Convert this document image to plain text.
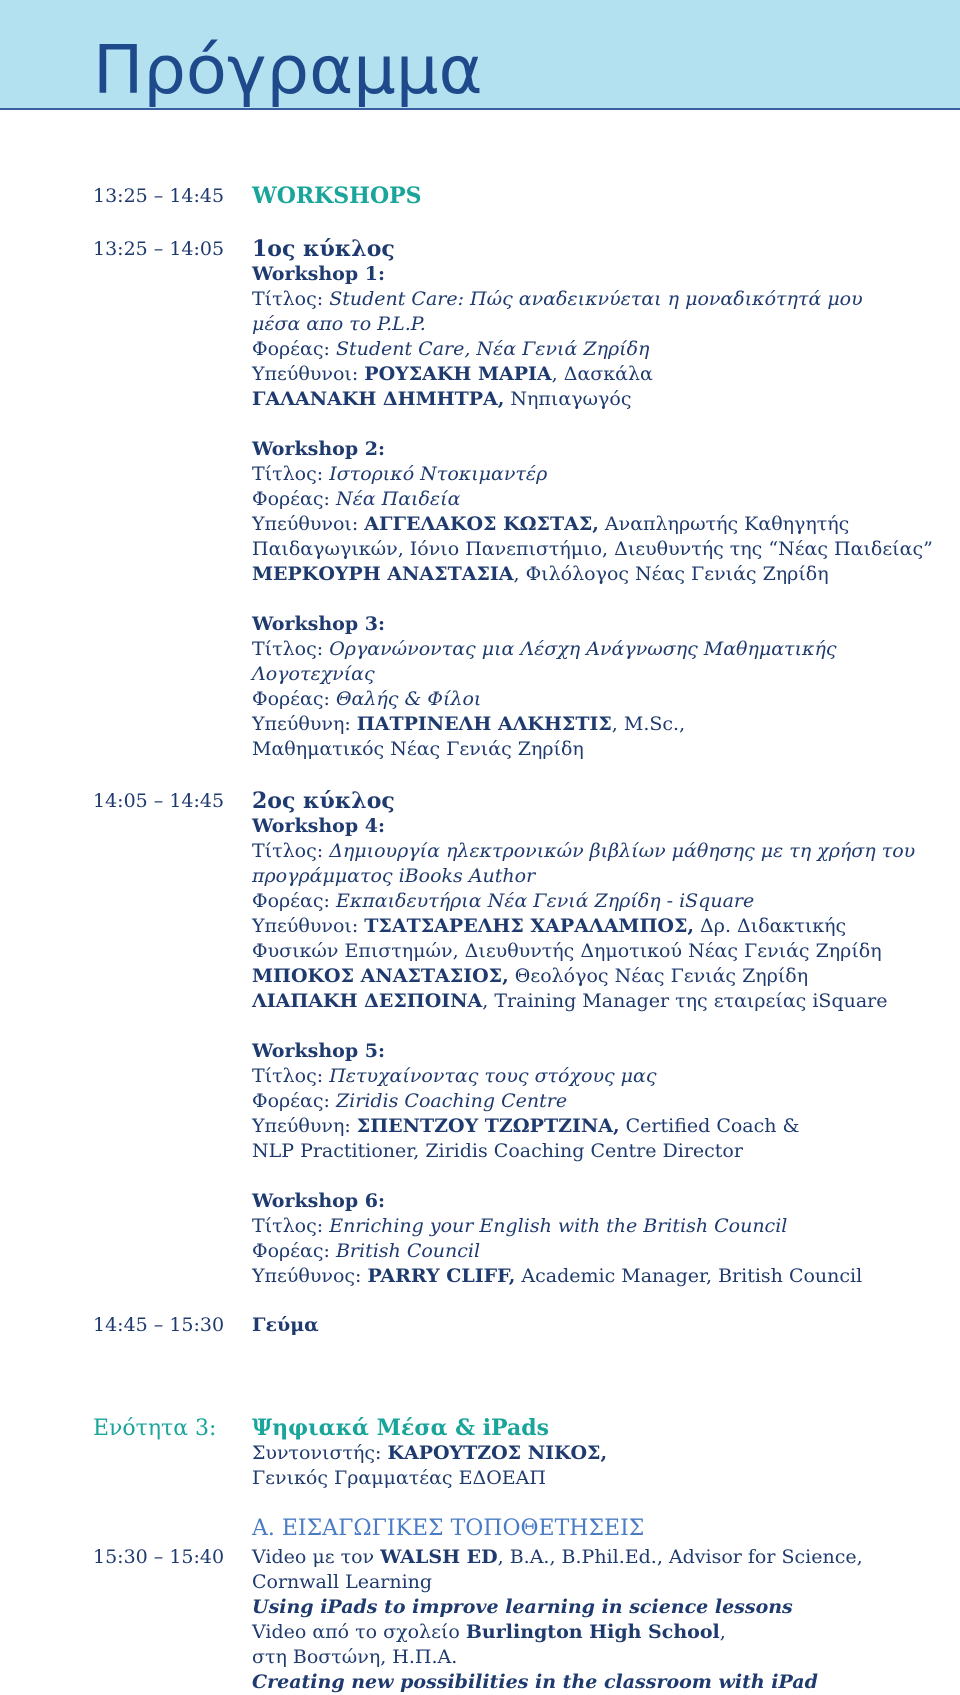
Πρόγραμμα
13:25 – 14:45 WORKSHOPS
13:25 – 14:05 1ος κύκλος
Workshop 1:
Τίτλος: Student Care: Πώς αναδεικνύεται η μοναδικότητά μου
μέσα απο το P.L.P.
Φορέας: Student Care, Νέα Γενιά Ζηρίδη
Υπεύθυνοι: ΡΟΥΣΑΚΗ ΜΑΡΙΑ, Δασκάλα
ΓΑΛΑΝΑΚΗ ΔΗΜΗΤΡΑ, Νηπιαγωγός
Workshop 2:
Τίτλος: Ιστορικό Ντοκιμαντέρ
Φορέας: Νέα Παιδεία
Υπεύθυνοι: ΑΓΓΕΛΑΚΟΣ ΚΩΣΤΑΣ, Αναπληρωτής Καθηγητής
Παιδαγωγικών, Ιόνιο Πανεπιστήμιο, Διευθυντής της “Νέας Παιδείας”
ΜΕΡΚΟΥΡΗ ΑΝΑΣΤΑΣΙΑ, Φιλόλογος Νέας Γενιάς Ζηρίδη
Workshop 3:
Τίτλος: Οργανώνοντας μια Λέσχη Ανάγνωσης Μαθηματικής
Λογοτεχνίας
Φορέας: Θαλής & Φίλοι
Υπεύθυνη: ΠΑΤΡΙΝΕΛΗ ΑΛΚΗΣΤΙΣ, M.Sc.,
Μαθηματικός Νέας Γενιάς Ζηρίδη
14:05 – 14:45 2ος κύκλος
Workshop 4:
Τίτλος: Δημιουργία ηλεκτρονικών βιβλίων μάθησης με τη χρήση του
προγράμματος iBooks Author
Φορέας: Εκπαιδευτήρια Νέα Γενιά Ζηρίδη - iSquare
Υπεύθυνοι: ΤΣΑΤΣΑΡΕΛΗΣ ΧΑΡΑΛΑΜΠΟΣ, Δρ. Διδακτικής
Φυσικών Επιστημών, Διευθυντής Δημοτικού Νέας Γενιάς Ζηρίδη
ΜΠΟΚΟΣ ΑΝΑΣΤΑΣΙΟΣ, Θεολόγος Νέας Γενιάς Ζηρίδη
ΛΙΑΠΑΚΗ ΔΕΣΠΟΙΝΑ, Training Manager της εταιρείας iSquare
Workshop 5:
Τίτλος: Πετυχαίνοντας τους στόχους μας
Φορέας: Ziridis Coaching Centre
Υπεύθυνη: ΣΠΕΝΤΖΟΥ ΤΖΩΡΤΖΙΝΑ, Certified Coach &
NLP Practitioner, Ziridis Coaching Centre Director
Workshop 6:
Τίτλος: Enriching your English with the British Council
Φορέας: British Council
Υπεύθυνος: PARRY CLIFF, Academic Manager, British Council
14:45 – 15:30 Γεύμα
Ενότητα 3: Ψηφιακά Μέσα & iPads
Συντονιστής: ΚΑΡΟΥΤΖΟΣ ΝΙΚΟΣ,
Γενικός Γραμματέας ΕΔΟΕΑΠ
Α. ΕΙΣΑΓΩΓΙΚΕΣ ΤΟΠΟΘΕΤΗΣΕΙΣ
15:30 – 15:40 Video με τον WALSH ED, B.A., B.Phil.Ed., Advisor for Science,
Cornwall Learning
Using iPads to improve learning in science lessons
Video από το σχολείο Burlington High School,
στη Βοστώνη, Η.Π.Α.
Creating new possibilities in the classroom with iPad
